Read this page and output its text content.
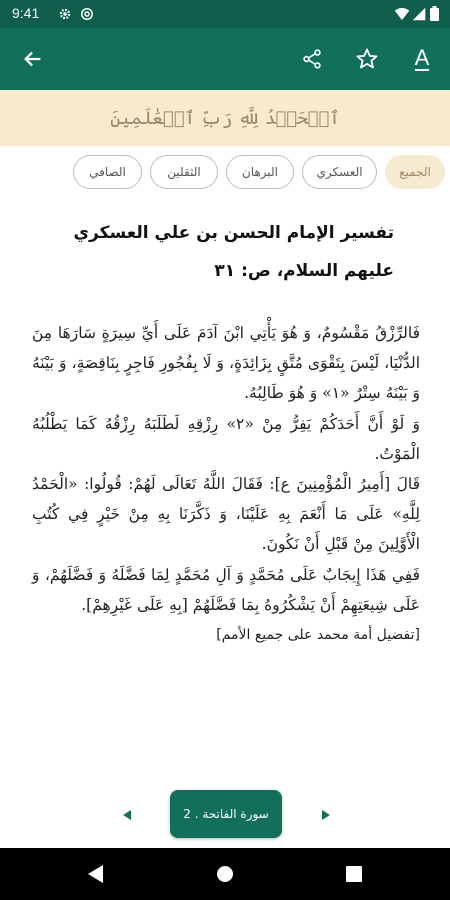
9:41
A
ٱلۡحَمۡدُ لِلَّهِ رَبِّ ٱلۡعَٰلَمِينَ
الجميع
العسكري
البرهان
الثقلين
الصافي
تفسير الإمام الحسن بن علي العسكري عليهم السلام، ص: ٣١

فَالرِّزْقُ مَقْسُومٌ، وَ هُوَ يَأْتِي ابْنَ آدَمَ عَلَى أَيِّ سِيرَةٍ سَارَهَا مِنَ الدُّنْيَا، لَيْسَ بِتَقْوَى مُتَّقٍ بِزَائِدَةٍ، وَ لَا بِفُجُورِ فَاجِرٍ بِنَاقِصَةٍ، وَ بَيْنَهُ وَ بَيْنَهُ سِتْرٌ «١» وَ هُوَ طَالِبُهُ.

وَ لَوْ أَنَّ أَحَدَكُمْ يَفِرُّ مِنْ «٢» رِزْقِهِ لَطَلَبَهُ رِزْقُهُ كَمَا يَطْلُبُهُ الْمَوْتُ.

قَالَ [أَمِيرُ الْمُؤْمِنِينَ ع]: فَقَالَ اللَّهُ تَعَالَى لَهُمْ: قُولُوا: «الْحَمْدُ لِلَّهِ» عَلَى مَا أَنْعَمَ بِهِ عَلَيْنَا، وَ ذَكَّرَنَا بِهِ مِنْ خَيْرٍ فِي كُتُبِ الْأَوَّلِينَ مِنْ قَبْلِ أَنْ نَكُونَ.

فَفِي هَذَا إِيجَابٌ عَلَى مُحَمَّدٍ وَ آلِ مُحَمَّدٍ لِمَا فَضَّلَهُ وَ فَضَّلَهُمْ، وَ عَلَى شِيعَتِهِمْ أَنْ يَشْكُرُوهُ بِمَا فَضَّلَهُمْ [بِهِ عَلَى غَيْرِهِمْ].

[تفضيل أمة محمد على جميع الأمم]

سورة الفاتحة . 2
